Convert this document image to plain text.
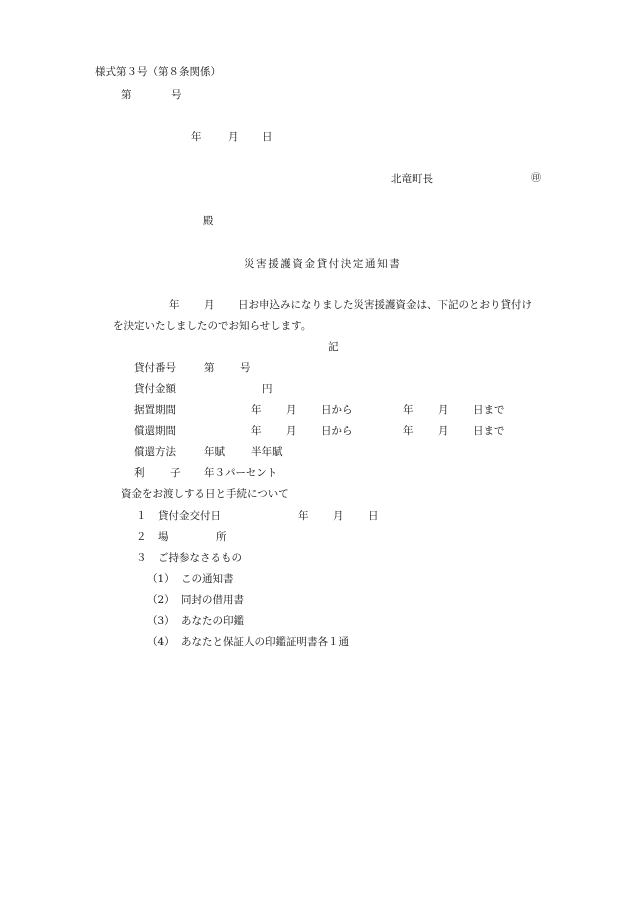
様式第３号（第８条関係）
第	号
年	月 日
北竜町長	㊞
殿
災害援護資金貸付決定通知書
年 月 日お申込みになりました災害援護資金は、下記のとおり貸付け
を決定いたしましたのでお知らせします。
記
貸付番号	第 号
貸付金額	円
据置期間	年 月 日から	年 月 日まで
償還期間	年 月 日から	年 月 日まで
償還方法	年賦 半年賦
利 子 年３パーセント
資金をお渡しする日と手続について
１ 貸付金交付日	年 月 日
２ 場	所
３ ご持参なさるもの
（1） この通知書
（2） 同封の借用書
（3） あなたの印鑑
（4） あなたと保証人の印鑑証明書各１通
